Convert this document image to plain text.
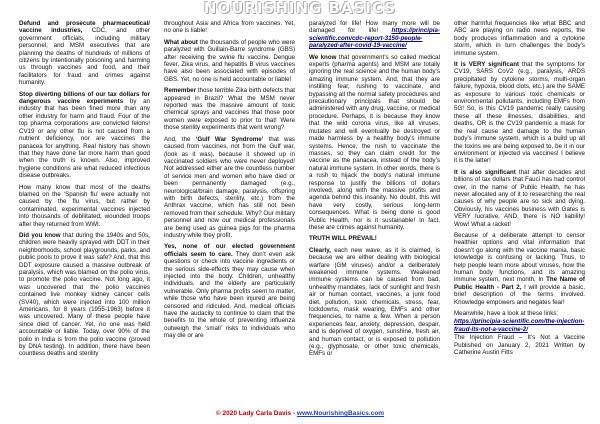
NOURISHING BASICS

Defund and prosecute pharmaceutical/ vaccine industries, CDC, and other government officials, including military personnel, and MSM executives that are planning the deaths of hundreds of millions of citizens by intentionally poisoning and harming us through vaccines and food, and their facilitators for fraud and crimes against humanity.

Stop diverting billions of our tax dollars for dangerous vaccine experiments by an industry that has been fined more than any other industry for harm and fraud. Four of the top pharma corporations are convicted felons! CV19 or any other flu is not caused from a nutrient deficiency, nor are vaccines the panacea for anything. Real history has shown that they have done far more harm than good when the truth is known. Also, improved hygiene conditions are what reduced infectious disease outbreaks.

How many know that most of the deaths blamed on the ‘Spanish flu’ were actually not caused by the flu virus, but rather by contaminated, experimental vaccines injected into thousands of debilitated, wounded troops after they returned from WWI.

Did you know that during the 1940s and 50s, children were heavily sprayed with DDT in their neighborhoods, school playgrounds, parks, and public pools to prove it was safe? And, that this DDT exposure caused a massive outbreak of paralysis, which was blamed on the polio virus, to promote the polio vaccine. Not long ago, it was uncovered that the polio vaccines contained live monkey kidney cancer cells (SV40), which were injected into 100 million Americans, for 8 years (1955-1963) before it was uncovered. Many of these people have since died of cancer. Yet, no one was held accountable or liable. Today, over 90% of the polio in India is from the polio vaccine (proved by DNA testing). In addition, there have been countless deaths and sterility

throughout Asia and Africa from vaccines. Yet, no one is liable!

What about the thousands of people who were paralyzed with Guillain-Barre syndrome (GBS) after receiving the swine flu vaccine. Dengue fever, Zika virus, and hepatitis B virus vaccines have also been associated with episodes of GBS. Yet, no one is held accountable or liable!

Remember those terrible Zika birth defects that appeared in Brazil? What the MSM never reported was the massive amount of toxic chemical sprays and vaccines that those poor women were exposed to prior to that! Were those sterility experiments that went wrong?

And, the ‘Gulf War Syndrome’ that was caused from vaccines, not from the Gulf war, (look as it was), because it showed up in vaccinated soldiers who were never deployed! Not addressed either are the countless number of service men and women who have died or been permanently damaged (e.g., neurological/brain damage, paralysis, offspring with birth defects, sterility, etc.) from the Anthrax vaccine, which has still not been removed from their schedule. Why? Our military personnel and now our medical professionals are being used as guinea pigs for the pharma industry while they profit.

Yes, none of our elected government officials seem to care. They don’t even ask questions or check into vaccine ingredients or the serious side-effects they may cause when injected into the body. Children, unhealthy individuals, and the elderly are particularly vulnerable. Only pharma profits seem to matter, while those who have been injured are being censored and ridiculed. And, medical officials have the audacity to continue to claim that the benefits to the whole of preventing influenza outweigh the ‘small’ risks to individuals who may die or are

paralyzed for life! How many more will be damaged for life! https://principia-scientific.com/cdc-report-3150-people-paralyzed-after-covid-19-vaccine/

We know that government’s so called medical experts (pharma agents) and MSM are totally ignoring the real science and the human body’s amazing immune system. And, that they are instilling fear, rushing to vaccinate, and bypassing all the normal safety procedures and precautionary principals that should be administered with any drug, vaccine, or medical procedure. Perhaps, it is because they know that the wild corona virus, like all viruses, mutates and will eventually be destroyed or made harmless by a healthy body’s immune systems. Hence, the rush to vaccinate the masses, so they can claim credit for the vaccine as the panacea, instead of the body’s natural immune system. In other words, there is a rush to hijack the body’s natural immune response to justify the billions of dollars involved, along with the massive profits and agenda behind this insanity. No doubt, this will have very costly, serious long-term consequences. What is being done is good Public Health, nor is it sustainable! In fact, these are crimes against humanity.

TRUTH WILL PREVAIL!

Clearly, each new wave, as it is claimed, is because we are either dealing with biological warfare (GM viruses) and/or a deliberately weakened immune systems. Weakened immune systems can be caused from bad, unhealthy mandates, lack of sunlight and fresh air or human contact, vaccines, a junk food diet, pollution, toxic chemicals, stress, fear, lockdowns, mask wearing, EMFs and other frequencies, to name a few. When a person experiences fear, anxiety, depression, despair, and is deprived of oxygen, sunshine, fresh air, and human contact, or is exposed to pollution (e.g., glyphosate, or other toxic chemicals, EMFs or

other harmful frequencies like what BBC and ABC are playing on radio news reports, the body produces inflammation and a cytokine storm, which in turn challenges the body’s immune system.

It is VERY significant that the symptoms for CV19, SARS CoV2 (e.g., paralysis, ARDS precipitated by cytokine storms, multi-organ failure, hypoxia, blood clots, etc.) are the SAME as exposure to various toxic chemicals or environmental pollutants, including EMFs from 5G! So, is this CV19 pandemic really causing these all these illnesses, disabilities, and deaths, OR is the CV19 pandemic a mask for the real cause and damage to the human body’s immune system, which is a build up all the toxins we are being exposed to, be it in our environment or injected via vaccines! I believe it is the latter!

It is also significant that after decades and billions of tax dollars that Fauci has had control over, in the name of Public Health, he has never allocated any of it to researching the real causes of why people are so sick and dying. Obviously, his vaccines business with Gates is VERY lucrative, AND, there is NO liability! Wow! What a racket!

Because of a deliberate attempt to censor healthier options and vital information that doesn’t go along with the vaccine mania, basic knowledge is confusing or lacking. Thus, to help people learn more about viruses, how the human body functions, and its amazing immune system, next month, In The Name of Public Health - Part 2, I will provide a basic, brief description of the terms involved. Knowledge empowers and negates fear!

Meanwhile, have a look at these links:

https://principia-scientific.com/the-injection-fraud-its-not-a-vaccine-2/

The Injection Fraud – It’s Not a Vaccine Published on January 2, 2021 Written by Catherine Austin Fitts

© 2020 Lady Carla Davis - www.NourishingBasics.com
